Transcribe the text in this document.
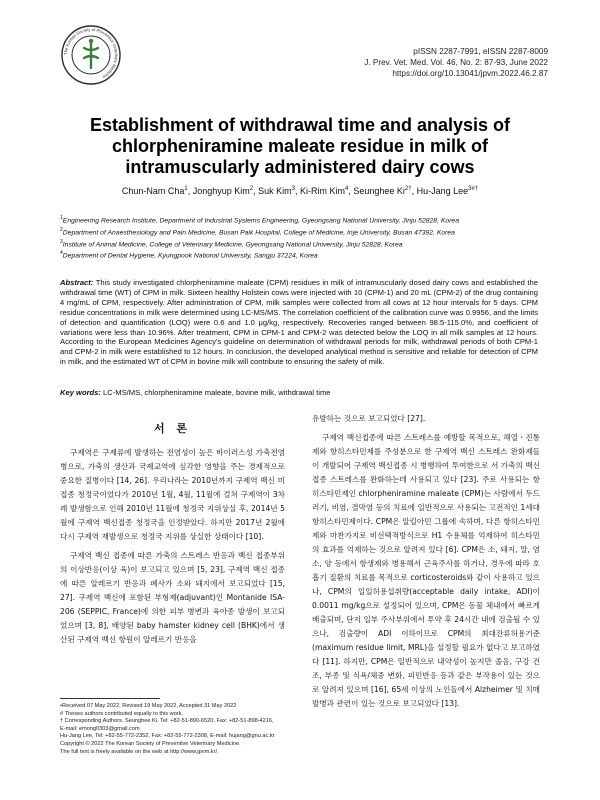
The Korean Society of Preventive Veterinary Medicine
pISSN 2287-7991, eISSN 2287-8009
J. Prev. Vet. Med. Vol. 46, No. 2: 87-93, June 2022
https://doi.org/10.13041/jpvm.2022.46.2.87
Establishment of withdrawal time and analysis of chlorpheniramine maleate residue in milk of intramuscularly administered dairy cows
Chun-Nam Cha$^1$, Jonghyup Kim$^2$, Suk Kim$^3$, Ki-Rim Kim$^4$, Seunghee $Ki^{2\dagger}$, Hu-Jang Lee$^{3\#\dagger}$
$^1$Engineering Research Institute, Department of Industrial Systems Engineering, Gyeongsang National University, Jinju 52828, Korea
$^2$Department of Anaesthesiology and Pain Medicine, Busan Paik Hospital, College of Medicine, Inje University, Busan 47392, Korea
$^3$Institute of Animal Medicine, College of Veterinary Medicine, Gyeongsang National University, Jinju 52828, Korea
$^4$Department of Dental Hygiene, Kyungpook National University, Sangju 37224, Korea
Abstract: This study investigated chlorpheniramine maleate (CPM) residues in milk of intramuscularly dosed dairy cows and established the withdrawal time (WT) of CPM in milk. Sixteen healthy Holstein cows were injected with 10 (CPM-1) and 20 mL (CPM-2) of the drug containing 4 mg/mL of CPM, respectively. After administration of CPM, milk samples were collected from all cows at 12 hour intervals for 5 days. CPM residue concentrations in milk were determined using LC-MS/MS. The correlation coefficient of the calibration curve was 0.9956, and the limits of detection and quantification (LOQ) were 0.6 and 1.0 μg/kg, respectively. Recoveries ranged between 98.5-115.0%, and coefficient of variations were less than 10.96%. After treatment, CPM in CPM-1 and CPM-2 was detected below the LOQ in all milk samples at 12 hours. According to the European Medicines Agency's guideline on determination of withdrawal periods for milk, withdrawal periods of both CPM-1 and CPM-2 in milk were established to 12 hours. In conclusion, the developed analytical method is sensitive and reliable for detection of CPM in milk, and the estimated WT of CPM in bovine milk will contribute to ensuring the safety of milk.
Key words: LC-MS/MS, chlorpheniramine maleate, bovine milk, withdrawal time
서 론

구제역은 구제류에 발생하는 전염성이 높은 바이러스성 가축전염병으로, 가축의 생산과 국제교역에 심각한 영향을 주는 경제적으로 중요한 질병이다 [14, 26]. 우리나라는 2010년까지 구제역 백신 미접종 청정국이었다가 2010년 1월, 4월, 11월에 걸쳐 구제역이 3차례 발생함으로 인해 2010년 11월에 청정국 지위상실 후, 2014년 5월에 구제역 백신접종 청정국을 인정받았다. 하지만 2017년 2월에 다시 구제역 재발생으로 청정국 지위를 상실한 상태이다 [10].

구제역 백신 접종에 따른 가축의 스트레스 반응과 백신 접종부위의 이상반응(이상 육)이 보고되고 있으며 [5, 23], 구제역 백신 접종에 따른 알레르기 반응과 폐사가 소와 돼지에서 보고되었다 [15, 27]. 구제역 백신에 포함된 부형제(adjuvant)인 Montanide ISA-206 (SEPPIC, France)에 의한 피부 병변과 육아종 발생이 보고되었으며 [3, 8], 배양된 baby hamster kidney cell (BHK)에서 생산된 구제역 백신 항원이 알레르기 반응을

유발하는 것으로 보고되었다 [27].

구제역 백신접종에 따른 스트레스를 예방할 목적으로, 해열ㆍ진통제와 항히스타민제를 주성분으로 한 구제역 백신 스트레스 완화제들이 개발되어 구제역 백신접종 시 병행하여 투여한으로 서 가축의 백신접종 스트레스를 완화하는데 사용되고 있다 [23]. 주로 사용되는 항히스타민제인 chlorpheniramine maleate (CPM)는 사람에서 두드러기, 비염, 결막염 등의 치료에 일반적으로 사용되는 고전적인 1세대 항히스타민제이다. CPM은 알킬아민 그룹에 속하며, 다른 항히스타민제와 마찬가지로 비선택적방식으로 H1 수용체를 억제하여 히스타민의 효과를 억제하는 것으로 알려져 있다 [6]. CPM은 소, 돼지, 말, 염소, 양 등에서 항생제와 병용해서 근육주사를 하거나, 경우에 따라 호흡기 질환의 치료를 목적으로 corticosteroids와 같이 사용하고 있으나, CPM의 일일허용섭취량(acceptable daily intake, ADI)이 0.0011 mg/kg으로 설정되어 있으며, CPM은 동물 체내에서 빠르게 배출되며, 단지 일부 주사부위에서 투약 후 24시간 내에 검출될 수 있으나, 검출량이 ADI 이하이므로 CPM의 최대잔류허용기준(maximum residue limit, MRL)을 설정할 필요가 없다고 보고하였다 [11]. 하지만, CPM은 일반적으로 내약성이 높지만 졸음, 구강 건조, 부종 및 식욕/체중 변화, 피민반응 등과 같은 부작용이 있는 것으로 알려져 있으며 [16], 65세 이상의 노인들에서 Alzheimer 및 치매 발병과 관련이 있는 것으로 보고되었다 [13].

•Received 07 May 2022, Revised 19 May 2022, Accepted 31 May 2022
# Theses authors contributed equally to this work.
† Corresponding Authors. Seunghee Ki, Tel: +82-51-890-6520, Fax: +82-51-898-4216,
E-mail: emong0303@gmail.com
Hu-Jang Lee, Tel: +82-55-772-2352, Fax: +82-55-772-2308, E-mail: hujang@gnu.ac.kr
Copyright © 2022 The Korean Society of Preventive Veterinary Medicine.
The full text is freely available on the web at http://www.jpvm.kr/.
